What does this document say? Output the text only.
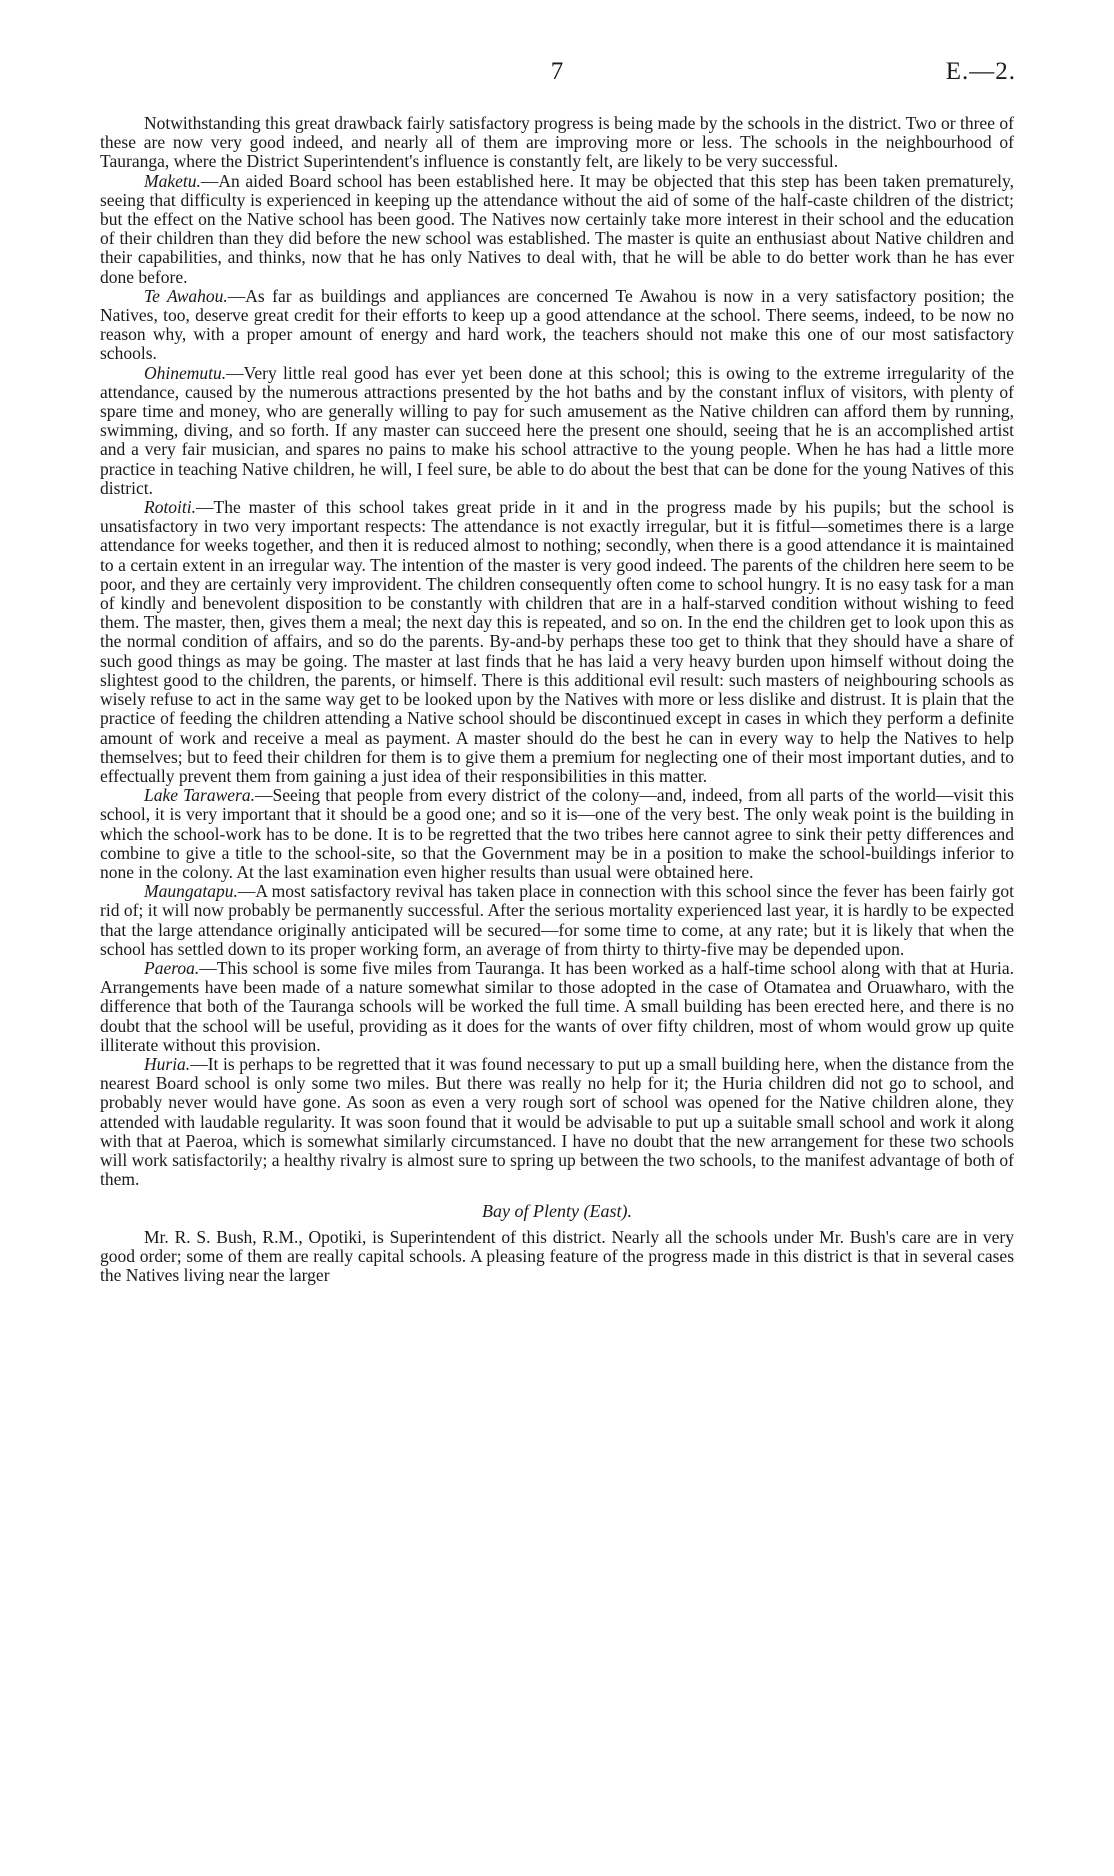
7	E.—2.

Notwithstanding this great drawback fairly satisfactory progress is being made by the schools in the district. Two or three of these are now very good indeed, and nearly all of them are improving more or less. The schools in the neighbourhood of Tauranga, where the District Superintendent's influence is constantly felt, are likely to be very successful.

Maketu.—An aided Board school has been established here. It may be objected that this step has been taken prematurely, seeing that difficulty is experienced in keeping up the attendance without the aid of some of the half-caste children of the district; but the effect on the Native school has been good. The Natives now certainly take more interest in their school and the education of their children than they did before the new school was established. The master is quite an enthusiast about Native children and their capabilities, and thinks, now that he has only Natives to deal with, that he will be able to do better work than he has ever done before.

Te Awahou.—As far as buildings and appliances are concerned Te Awahou is now in a very satisfactory position; the Natives, too, deserve great credit for their efforts to keep up a good attendance at the school. There seems, indeed, to be now no reason why, with a proper amount of energy and hard work, the teachers should not make this one of our most satisfactory schools.

Ohinemutu.—Very little real good has ever yet been done at this school; this is owing to the extreme irregularity of the attendance, caused by the numerous attractions presented by the hot baths and by the constant influx of visitors, with plenty of spare time and money, who are generally willing to pay for such amusement as the Native children can afford them by running, swimming, diving, and so forth. If any master can succeed here the present one should, seeing that he is an accomplished artist and a very fair musician, and spares no pains to make his school attractive to the young people. When he has had a little more practice in teaching Native children, he will, I feel sure, be able to do about the best that can be done for the young Natives of this district.

Rotoiti.—The master of this school takes great pride in it and in the progress made by his pupils; but the school is unsatisfactory in two very important respects: The attendance is not exactly irregular, but it is fitful—sometimes there is a large attendance for weeks together, and then it is reduced almost to nothing; secondly, when there is a good attendance it is maintained to a certain extent in an irregular way. The intention of the master is very good indeed. The parents of the children here seem to be poor, and they are certainly very improvident. The children consequently often come to school hungry. It is no easy task for a man of kindly and benevolent disposition to be constantly with children that are in a half-starved condition without wishing to feed them. The master, then, gives them a meal; the next day this is repeated, and so on. In the end the children get to look upon this as the normal condition of affairs, and so do the parents. By-and-by perhaps these too get to think that they should have a share of such good things as may be going. The master at last finds that he has laid a very heavy burden upon himself without doing the slightest good to the children, the parents, or himself. There is this additional evil result: such masters of neighbouring schools as wisely refuse to act in the same way get to be looked upon by the Natives with more or less dislike and distrust. It is plain that the practice of feeding the children attending a Native school should be discontinued except in cases in which they perform a definite amount of work and receive a meal as payment. A master should do the best he can in every way to help the Natives to help themselves; but to feed their children for them is to give them a premium for neglecting one of their most important duties, and to effectually prevent them from gaining a just idea of their responsibilities in this matter.

Lake Tarawera.—Seeing that people from every district of the colony—and, indeed, from all parts of the world—visit this school, it is very important that it should be a good one; and so it is—one of the very best. The only weak point is the building in which the school-work has to be done. It is to be regretted that the two tribes here cannot agree to sink their petty differences and combine to give a title to the school-site, so that the Government may be in a position to make the school-buildings inferior to none in the colony. At the last examination even higher results than usual were obtained here.

Maungatapu.—A most satisfactory revival has taken place in connection with this school since the fever has been fairly got rid of; it will now probably be permanently successful. After the serious mortality experienced last year, it is hardly to be expected that the large attendance originally anticipated will be secured—for some time to come, at any rate; but it is likely that when the school has settled down to its proper working form, an average of from thirty to thirty-five may be depended upon.

Paeroa.—This school is some five miles from Tauranga. It has been worked as a half-time school along with that at Huria. Arrangements have been made of a nature somewhat similar to those adopted in the case of Otamatea and Oruawharo, with the difference that both of the Tauranga schools will be worked the full time. A small building has been erected here, and there is no doubt that the school will be useful, providing as it does for the wants of over fifty children, most of whom would grow up quite illiterate without this provision.

Huria.—It is perhaps to be regretted that it was found necessary to put up a small building here, when the distance from the nearest Board school is only some two miles. But there was really no help for it; the Huria children did not go to school, and probably never would have gone. As soon as even a very rough sort of school was opened for the Native children alone, they attended with laudable regularity. It was soon found that it would be advisable to put up a suitable small school and work it along with that at Paeroa, which is somewhat similarly circumstanced. I have no doubt that the new arrangement for these two schools will work satisfactorily; a healthy rivalry is almost sure to spring up between the two schools, to the manifest advantage of both of them.

Bay of Plenty (East).

Mr. R. S. Bush, R.M., Opotiki, is Superintendent of this district. Nearly all the schools under Mr. Bush's care are in very good order; some of them are really capital schools. A pleasing feature of the progress made in this district is that in several cases the Natives living near the larger
